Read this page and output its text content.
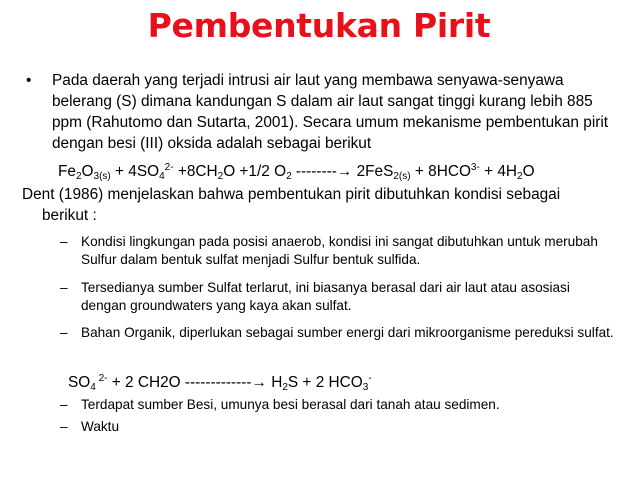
Pembentukan Pirit
• Pada daerah yang terjadi intrusi air laut yang membawa senyawa-senyawa belerang (S) dimana kandungan S dalam air laut sangat tinggi kurang lebih 885 ppm (Rahutomo dan Sutarta, 2001). Secara umum mekanisme pembentukan pirit dengan besi (III) oksida adalah sebagai berikut
$Fe_2O_{3(s)} + 4SO_4^{2-} +8CH_2O +1/2$ $O_2$ --------→ $2FeS_{2(s)} + 8HCO^{3-} + 4H_2O$
Dent (1986) menjelaskan bahwa pembentukan pirit dibutuhkan kondisi sebagai
berikut :
– Kondisi lingkungan pada posisi anaerob, kondisi ini sangat dibutuhkan untuk merubah Sulfur dalam bentuk sulfat menjadi Sulfur bentuk sulfida.
– Tersedianya sumber Sulfat terlarut, ini biasanya berasal dari air laut atau asosiasi dengan groundwaters yang kaya akan sulfat.
– Bahan Organik, diperlukan sebagai sumber energi dari mikroorganisme pereduksi sulfat.
$SO_4$ $^{2-}$ + 2 CH2O -------------→ $H_2S + 2$ $HCO_3^-$
– Terdapat sumber Besi, umunya besi berasal dari tanah atau sedimen.
– Waktu
